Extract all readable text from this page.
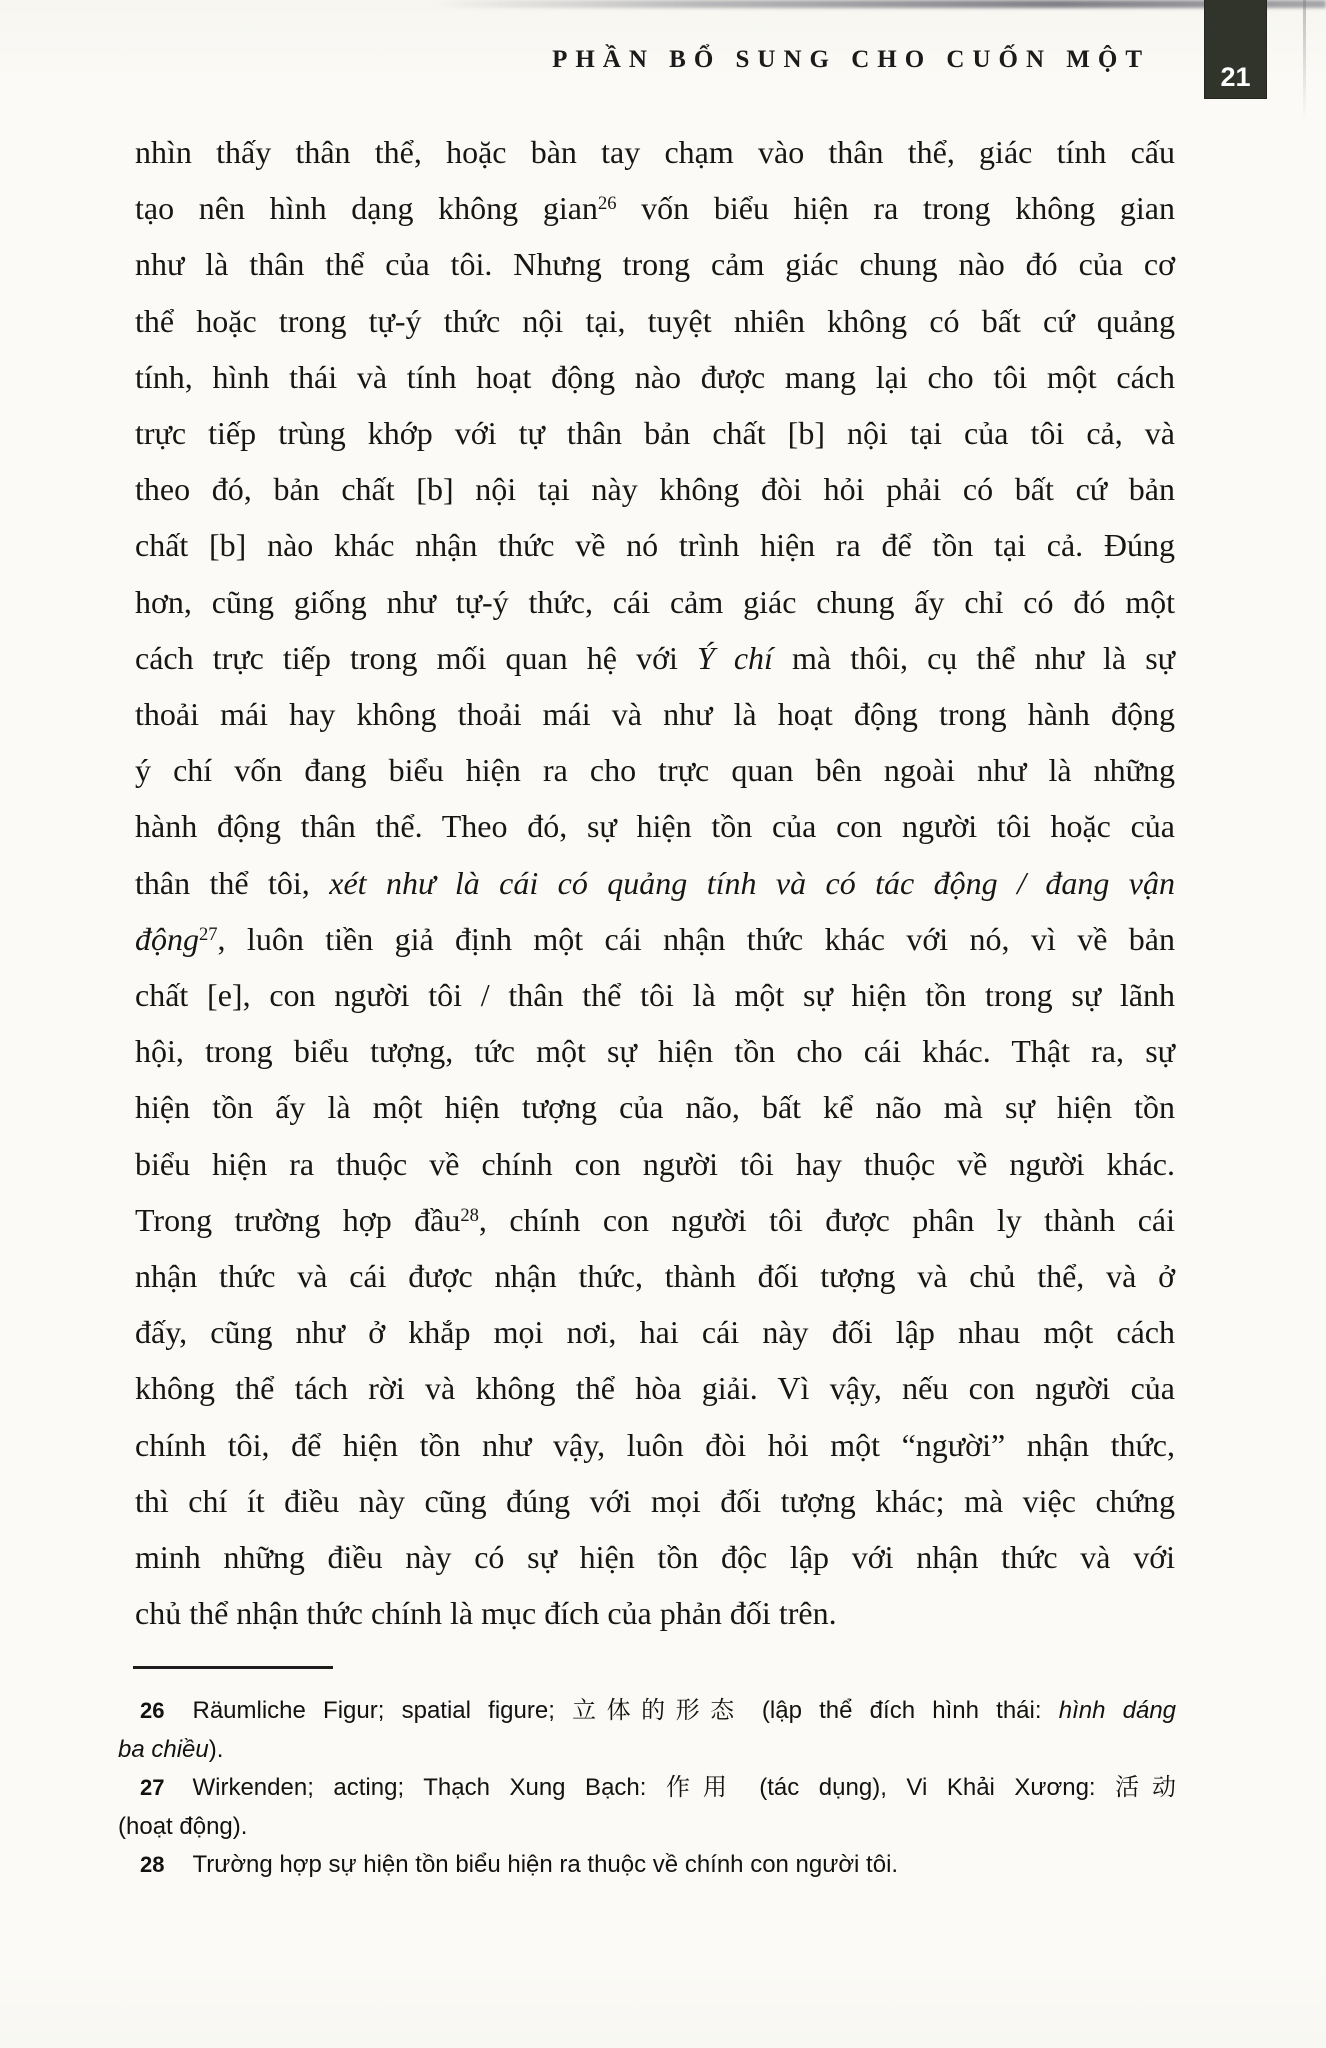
PHẦN BỔ SUNG CHO CUỐN MỘT
21
nhìn thấy thân thể, hoặc bàn tay chạm vào thân thể, giác tính cấu
tạo nên hình dạng không gian$^{26}$ vốn biểu hiện ra trong không gian
như là thân thể của tôi. Nhưng trong cảm giác chung nào đó của cơ
thể hoặc trong tự-ý thức nội tại, tuyệt nhiên không có bất cứ quảng
tính, hình thái và tính hoạt động nào được mang lại cho tôi một cách
trực tiếp trùng khớp với tự thân bản chất [b] nội tại của tôi cả, và
theo đó, bản chất [b] nội tại này không đòi hỏi phải có bất cứ bản
chất [b] nào khác nhận thức về nó trình hiện ra để tồn tại cả. Đúng
hơn, cũng giống như tự-ý thức, cái cảm giác chung ấy chỉ có đó một
cách trực tiếp trong mối quan hệ với Ý chí mà thôi, cụ thể như là sự
thoải mái hay không thoải mái và như là hoạt động trong hành động
ý chí vốn đang biểu hiện ra cho trực quan bên ngoài như là những
hành động thân thể. Theo đó, sự hiện tồn của con người tôi hoặc của
thân thể tôi, xét như là cái có quảng tính và có tác động / đang vận
động$^{27}$, luôn tiền giả định một cái nhận thức khác với nó, vì về bản
chất [e], con người tôi / thân thể tôi là một sự hiện tồn trong sự lãnh
hội, trong biểu tượng, tức một sự hiện tồn cho cái khác. Thật ra, sự
hiện tồn ấy là một hiện tượng của não, bất kể não mà sự hiện tồn
biểu hiện ra thuộc về chính con người tôi hay thuộc về người khác.
Trong trường hợp đầu$^{28}$, chính con người tôi được phân ly thành cái
nhận thức và cái được nhận thức, thành đối tượng và chủ thể, và ở
đấy, cũng như ở khắp mọi nơi, hai cái này đối lập nhau một cách
không thể tách rời và không thể hòa giải. Vì vậy, nếu con người của
chính tôi, để hiện tồn như vậy, luôn đòi hỏi một “người” nhận thức,
thì chí ít điều này cũng đúng với mọi đối tượng khác; mà việc chứng
minh những điều này có sự hiện tồn độc lập với nhận thức và với
chủ thể nhận thức chính là mục đích của phản đối trên.
26 Räumliche Figur; spatial figure; 立体的形态 (lập thể đích hình thái: hình dáng
ba chiều).
27 Wirkenden; acting; Thạch Xung Bạch: 作用 (tác dụng), Vi Khải Xương: 活动
(hoạt động).
28 Trường hợp sự hiện tồn biểu hiện ra thuộc về chính con người tôi.
